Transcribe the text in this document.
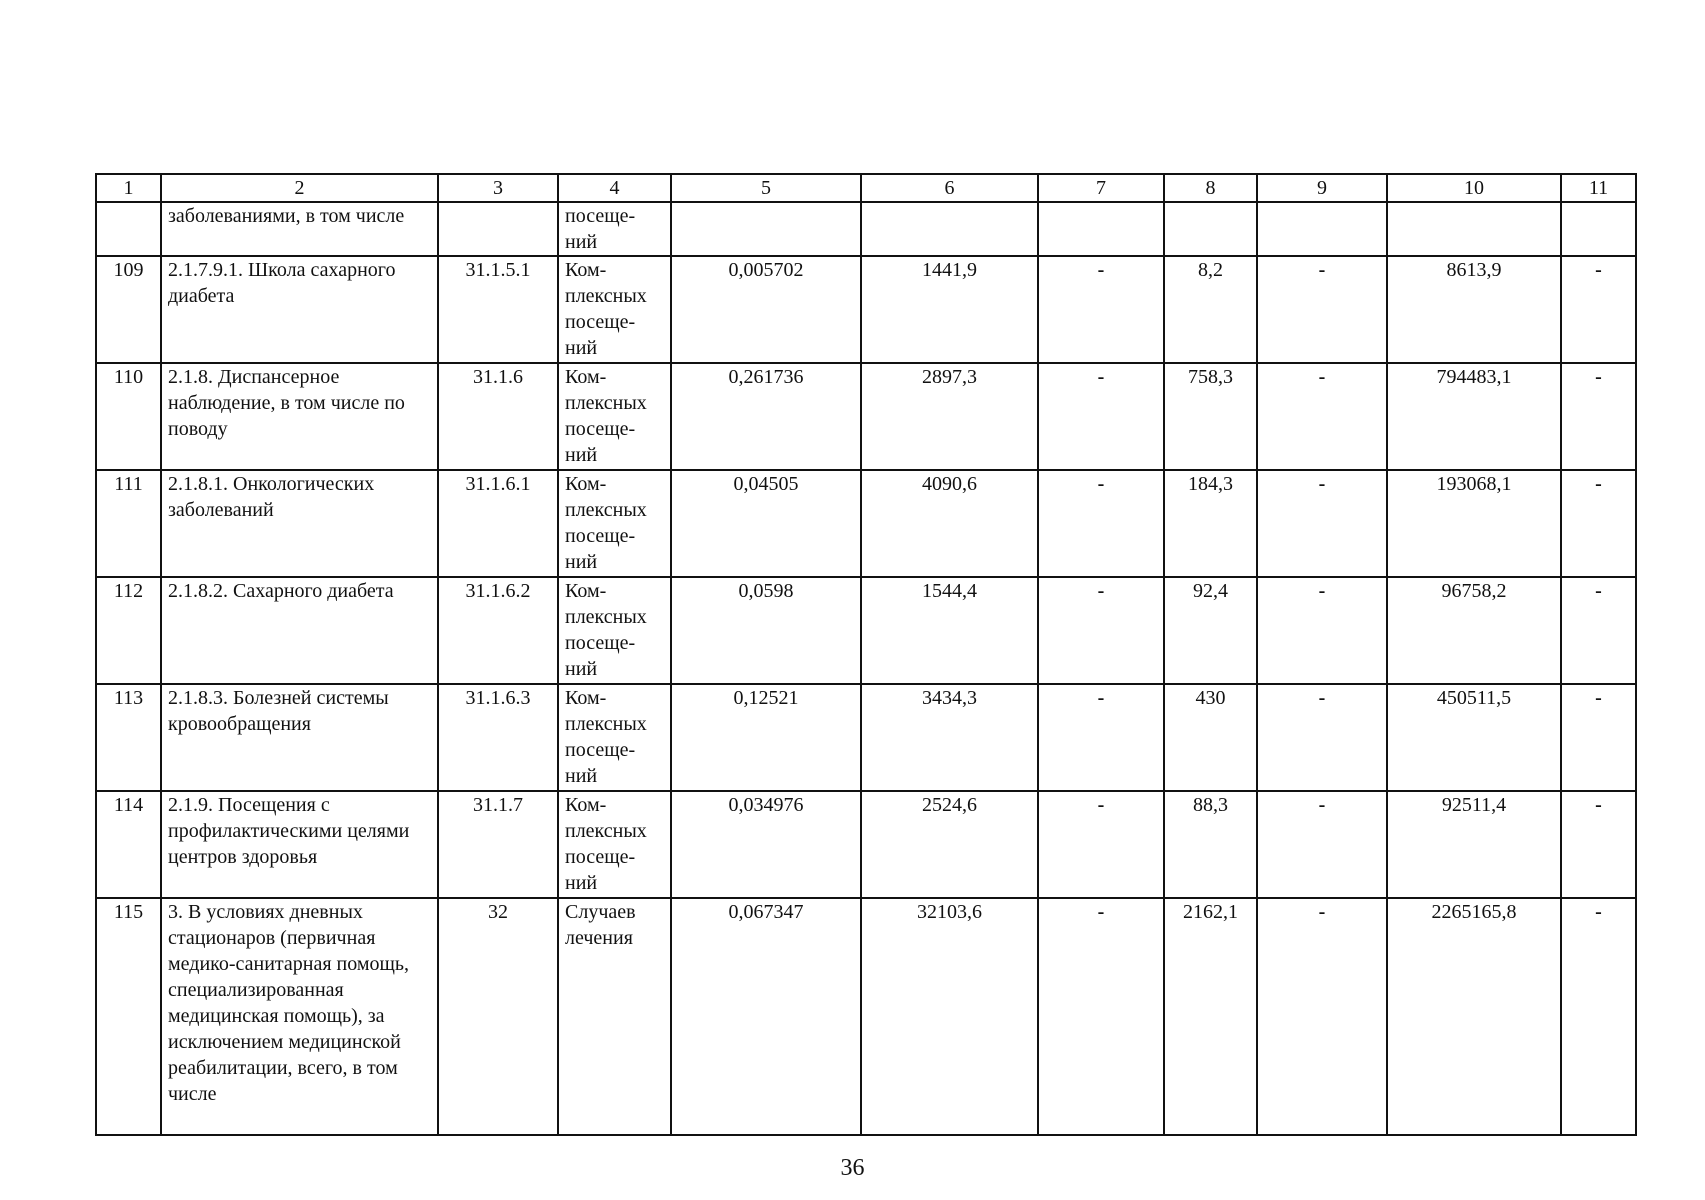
1	2	3	4	5	6	7	8	9	10	11
	заболеваниями, в том числе		посеще-ний							
109	2.1.7.9.1. Школа сахарного диабета	31.1.5.1	Ком-плексных посеще-ний	0,005702	1441,9	-	8,2	-	8613,9	-
110	2.1.8. Диспансерное наблюдение, в том числе по поводу	31.1.6	Ком-плексных посеще-ний	0,261736	2897,3	-	758,3	-	794483,1	-
111	2.1.8.1. Онкологических заболеваний	31.1.6.1	Ком-плексных посеще-ний	0,04505	4090,6	-	184,3	-	193068,1	-
112	2.1.8.2. Сахарного диабета	31.1.6.2	Ком-плексных посеще-ний	0,0598	1544,4	-	92,4	-	96758,2	-
113	2.1.8.3. Болезней системы кровообращения	31.1.6.3	Ком-плексных посеще-ний	0,12521	3434,3	-	430	-	450511,5	-
114	2.1.9. Посещения с профилактическими целями центров здоровья	31.1.7	Ком-плексных посеще-ний	0,034976	2524,6	-	88,3	-	92511,4	-
115	3. В условиях дневных стационаров (первичная медико-санитарная помощь, специализированная медицинская помощь), за исключением медицинской реабилитации, всего, в том числе	32	Случаев лечения	0,067347	32103,6	-	2162,1	-	2265165,8	-
36
